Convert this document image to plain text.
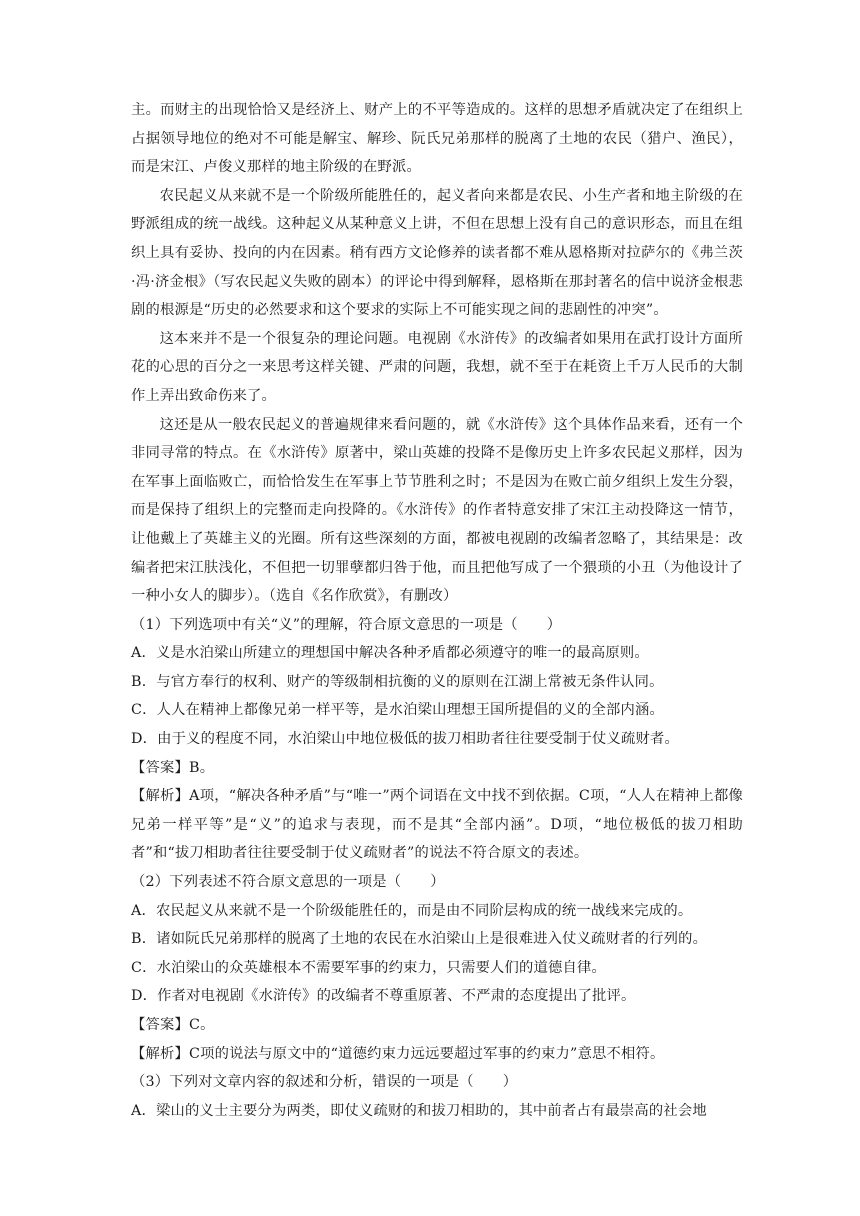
主。而财主的出现恰恰又是经济上、财产上的不平等造成的。这样的思想矛盾就决定了在组织上占据领导地位的绝对不可能是解宝、解珍、阮氏兄弟那样的脱离了土地的农民（猎户、渔民），而是宋江、卢俊义那样的地主阶级的在野派。

农民起义从来就不是一个阶级所能胜任的，起义者向来都是农民、小生产者和地主阶级的在野派组成的统一战线。这种起义从某种意义上讲，不但在思想上没有自己的意识形态，而且在组织上具有妥协、投向的内在因素。稍有西方文论修养的读者都不难从恩格斯对拉萨尔的《弗兰茨·冯·济金根》（写农民起义失败的剧本）的评论中得到解释，恩格斯在那封著名的信中说济金根悲剧的根源是“历史的必然要求和这个要求的实际上不可能实现之间的悲剧性的冲突”。

这本来并不是一个很复杂的理论问题。电视剧《水浒传》的改编者如果用在武打设计方面所花的心思的百分之一来思考这样关键、严肃的问题，我想，就不至于在耗资上千万人民币的大制作上弄出致命伤来了。

这还是从一般农民起义的普遍规律来看问题的，就《水浒传》这个具体作品来看，还有一个非同寻常的特点。在《水浒传》原著中，梁山英雄的投降不是像历史上许多农民起义那样，因为在军事上面临败亡，而恰恰发生在军事上节节胜利之时；不是因为在败亡前夕组织上发生分裂，而是保持了组织上的完整而走向投降的。《水浒传》的作者特意安排了宋江主动投降这一情节，让他戴上了英雄主义的光圈。所有这些深刻的方面，都被电视剧的改编者忽略了，其结果是：改编者把宋江肤浅化，不但把一切罪孽都归咎于他，而且把他写成了一个猥琐的小丑（为他设计了一种小女人的脚步）。（选自《名作欣赏》，有删改）

（1）下列选项中有关“义”的理解，符合原文意思的一项是（　　）

A．义是水泊梁山所建立的理想国中解决各种矛盾都必须遵守的唯一的最高原则。

B．与官方奉行的权利、财产的等级制相抗衡的义的原则在江湖上常被无条件认同。

C．人人在精神上都像兄弟一样平等，是水泊梁山理想王国所提倡的义的全部内涵。

D．由于义的程度不同，水泊梁山中地位极低的拔刀相助者往往要受制于仗义疏财者。

【答案】B。

【解析】A项，“解决各种矛盾”与“唯一”两个词语在文中找不到依据。C项，“人人在精神上都像兄弟一样平等”是“义”的追求与表现，而不是其“全部内涵”。D项，“地位极低的拔刀相助者”和“拔刀相助者往往要受制于仗义疏财者”的说法不符合原文的表述。

（2）下列表述不符合原文意思的一项是（　　）

A．农民起义从来就不是一个阶级能胜任的，而是由不同阶层构成的统一战线来完成的。

B．诸如阮氏兄弟那样的脱离了土地的农民在水泊梁山上是很难进入仗义疏财者的行列的。

C．水泊梁山的众英雄根本不需要军事的约束力，只需要人们的道德自律。

D．作者对电视剧《水浒传》的改编者不尊重原著、不严肃的态度提出了批评。

【答案】C。

【解析】C项的说法与原文中的“道德约束力远远要超过军事的约束力”意思不相符。

（3）下列对文章内容的叙述和分析，错误的一项是（　　）

A．梁山的义士主要分为两类，即仗义疏财的和拔刀相助的，其中前者占有最崇高的社会地
